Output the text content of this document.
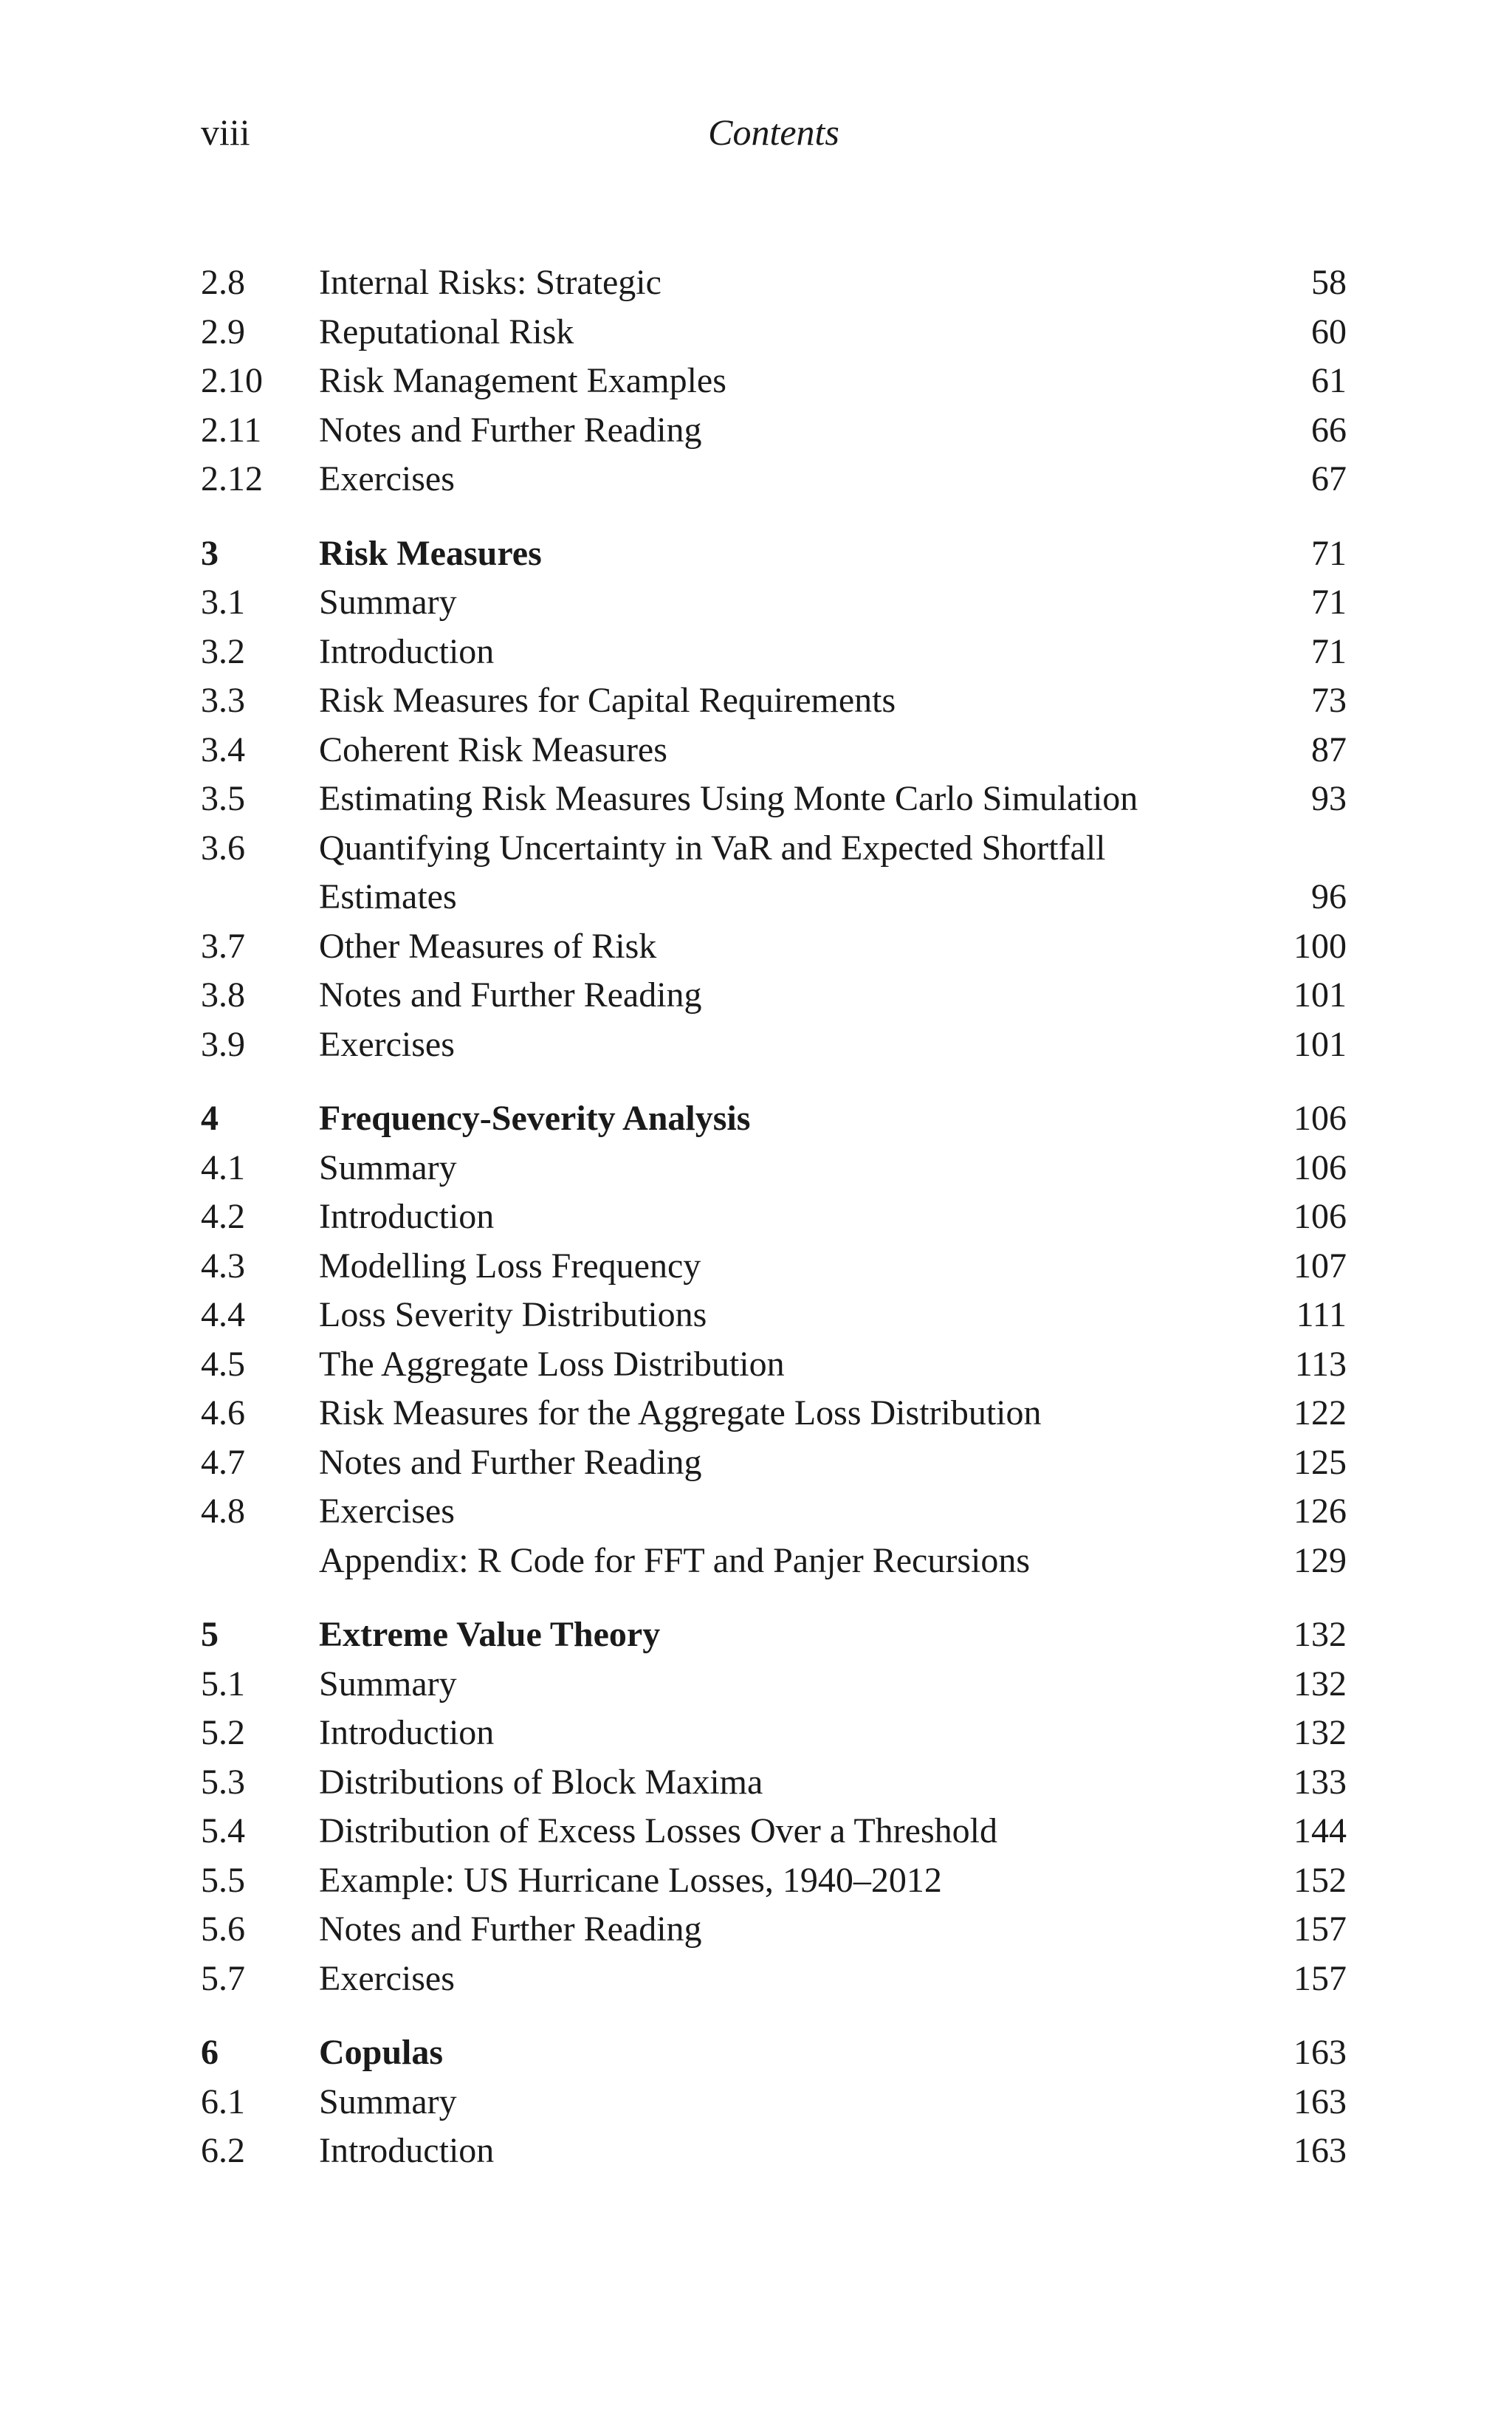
viii	Contents
2.8	Internal Risks: Strategic	58
2.9	Reputational Risk	60
2.10	Risk Management Examples	61
2.11	Notes and Further Reading	66
2.12	Exercises	67
3	Risk Measures	71
3.1	Summary	71
3.2	Introduction	71
3.3	Risk Measures for Capital Requirements	73
3.4	Coherent Risk Measures	87
3.5	Estimating Risk Measures Using Monte Carlo Simulation	93
3.6	Quantifying Uncertainty in VaR and Expected Shortfall
Estimates	96
3.7	Other Measures of Risk	100
3.8	Notes and Further Reading	101
3.9	Exercises	101
4	Frequency-Severity Analysis	106
4.1	Summary	106
4.2	Introduction	106
4.3	Modelling Loss Frequency	107
4.4	Loss Severity Distributions	111
4.5	The Aggregate Loss Distribution	113
4.6	Risk Measures for the Aggregate Loss Distribution	122
4.7	Notes and Further Reading	125
4.8	Exercises	126
Appendix: R Code for FFT and Panjer Recursions	129
5	Extreme Value Theory	132
5.1	Summary	132
5.2	Introduction	132
5.3	Distributions of Block Maxima	133
5.4	Distribution of Excess Losses Over a Threshold	144
5.5	Example: US Hurricane Losses, 1940–2012	152
5.6	Notes and Further Reading	157
5.7	Exercises	157
6	Copulas	163
6.1	Summary	163
6.2	Introduction	163
